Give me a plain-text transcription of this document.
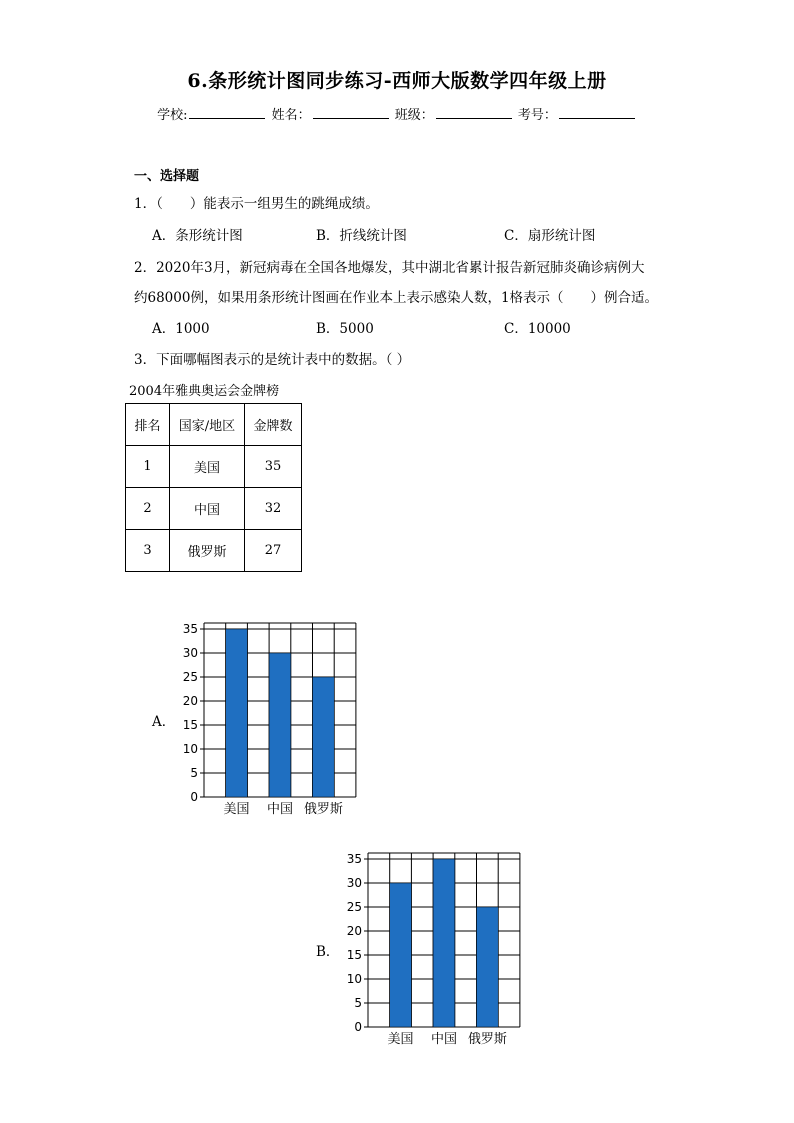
6.条形统计图同步练习-西师大版数学四年级上册
学校:	姓名：	班级：	考号：
一、选择题
1．（　　）能表示一组男生的跳绳成绩。
A．条形统计图	B．折线统计图	C．扇形统计图
2．2020年3月，新冠病毒在全国各地爆发，其中湖北省累计报告新冠肺炎确诊病例大
约68000例，如果用条形统计图画在作业本上表示感染人数，1格表示（　　）例合适。
A．1000	B．5000	C．10000
3．下面哪幅图表示的是统计表中的数据。（ ）
2004年雅典奥运会金牌榜
排名	国家/地区	金牌数
1	美国	35
2	中国	32
3	俄罗斯	27
A．
0
5
10
15
20
25
30
35
美国 中国 俄罗斯
B．
0
5
10
15
20
25
30
35
美国 中国 俄罗斯
